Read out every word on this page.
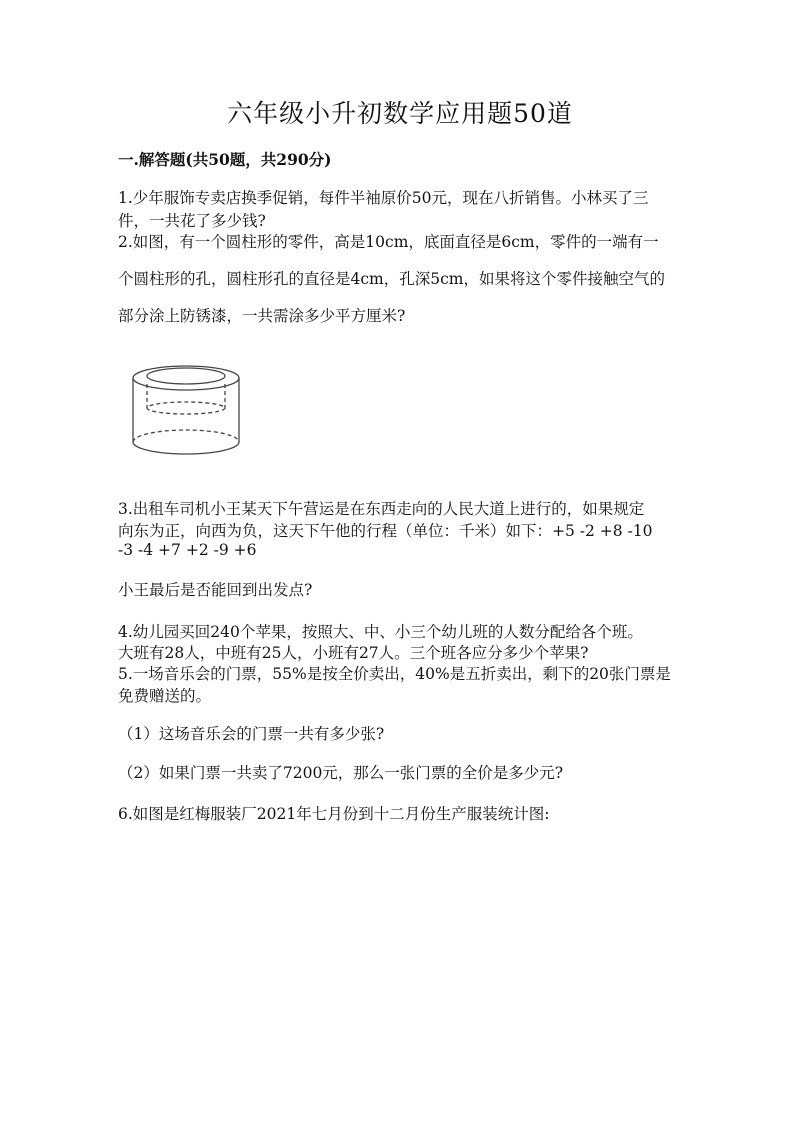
六年级小升初数学应用题50道
一.解答题(共50题，共290分)
1.少年服饰专卖店换季促销，每件半袖原价50元，现在八折销售。小林买了三
件，一共花了多少钱?
2.如图，有一个圆柱形的零件，高是10cm，底面直径是6cm，零件的一端有一
个圆柱形的孔，圆柱形孔的直径是4cm，孔深5cm，如果将这个零件接触空气的
部分涂上防锈漆，一共需涂多少平方厘米?
3.出租车司机小王某天下午营运是在东西走向的人民大道上进行的，如果规定
向东为正，向西为负，这天下午他的行程（单位：千米）如下：+5 -2 +8 -10
-3 -4 +7 +2 -9 +6
小王最后是否能回到出发点?
4.幼儿园买回240个苹果，按照大、中、小三个幼儿班的人数分配给各个班。
大班有28人，中班有25人，小班有27人。三个班各应分多少个苹果?
5.一场音乐会的门票，55%是按全价卖出，40%是五折卖出，剩下的20张门票是
免费赠送的。
（1）这场音乐会的门票一共有多少张?
（2）如果门票一共卖了7200元，那么一张门票的全价是多少元?
6.如图是红梅服装厂2021年七月份到十二月份生产服装统计图:
